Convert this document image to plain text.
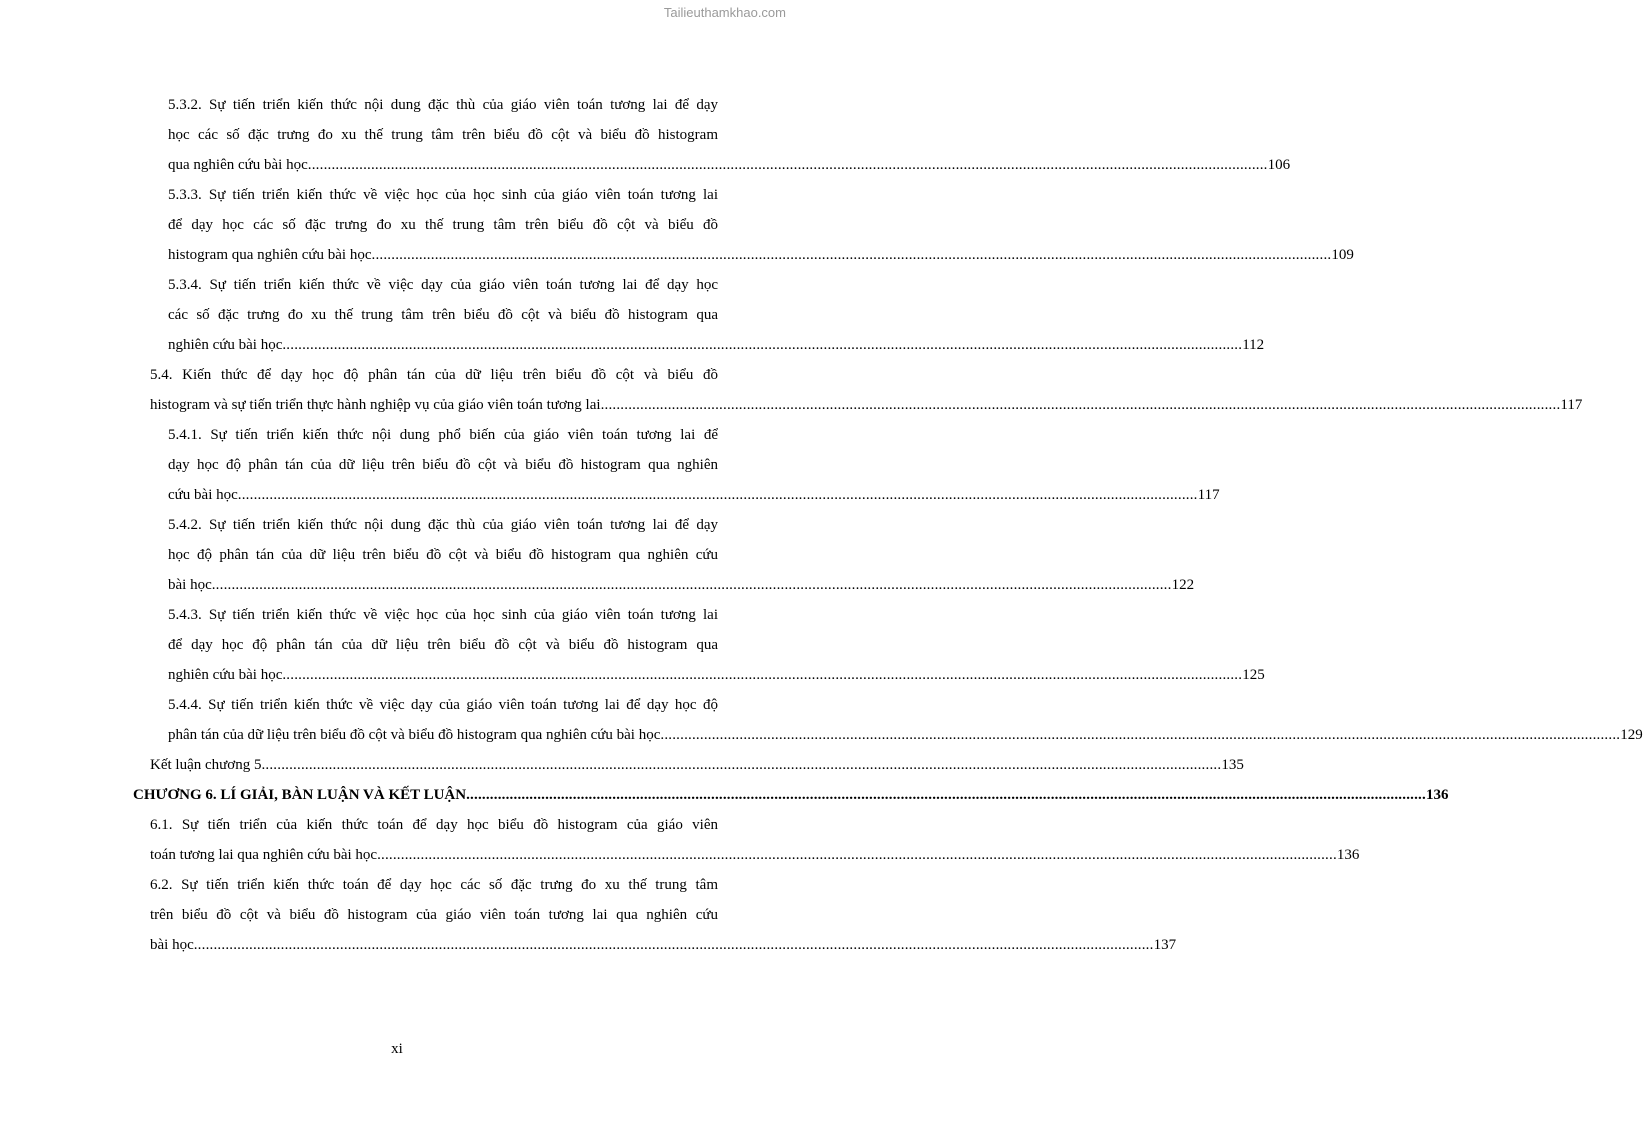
Tailieuthamkhao.com
5.3.2. Sự tiến triển kiến thức nội dung đặc thù của giáo viên toán tương lai để dạy
học các số đặc trưng đo xu thế trung tâm trên biểu đồ cột và biểu đồ histogram
qua nghiên cứu bài học ................................................................................................................................................................................................................................................... 106
5.3.3. Sự tiến triển kiến thức về việc học của học sinh của giáo viên toán tương lai
để dạy học các số đặc trưng đo xu thế trung tâm trên biểu đồ cột và biểu đồ
histogram qua nghiên cứu bài học ................................................................................................................................................................................................................................................... 109
5.3.4. Sự tiến triển kiến thức về việc dạy của giáo viên toán tương lai để dạy học
các số đặc trưng đo xu thế trung tâm trên biểu đồ cột và biểu đồ histogram qua
nghiên cứu bài học ................................................................................................................................................................................................................................................... 112
5.4. Kiến thức để dạy học độ phân tán của dữ liệu trên biểu đồ cột và biểu đồ
histogram và sự tiến triển thực hành nghiệp vụ của giáo viên toán tương lai ................................................................................................................................................................................................................................................... 117
5.4.1. Sự tiến triển kiến thức nội dung phổ biến của giáo viên toán tương lai để
dạy học độ phân tán của dữ liệu trên biểu đồ cột và biểu đồ histogram qua nghiên
cứu bài học ................................................................................................................................................................................................................................................... 117
5.4.2. Sự tiến triển kiến thức nội dung đặc thù của giáo viên toán tương lai để dạy
học độ phân tán của dữ liệu trên biểu đồ cột và biểu đồ histogram qua nghiên cứu
bài học ................................................................................................................................................................................................................................................... 122
5.4.3. Sự tiến triển kiến thức về việc học của học sinh của giáo viên toán tương lai
để dạy học độ phân tán của dữ liệu trên biểu đồ cột và biểu đồ histogram qua
nghiên cứu bài học ................................................................................................................................................................................................................................................... 125
5.4.4. Sự tiến triển kiến thức về việc dạy của giáo viên toán tương lai để dạy học độ
phân tán của dữ liệu trên biểu đồ cột và biểu đồ histogram qua nghiên cứu bài học ................................................................................................................................................................................................................................................... 129
Kết luận chương 5 ................................................................................................................................................................................................................................................... 135
CHƯƠNG 6. LÍ GIẢI, BÀN LUẬN VÀ KẾT LUẬN ................................................................................................................................................................................................................................................... 136
6.1. Sự tiến triển của kiến thức toán để dạy học biểu đồ histogram của giáo viên
toán tương lai qua nghiên cứu bài học ................................................................................................................................................................................................................................................... 136
6.2. Sự tiến triển kiến thức toán để dạy học các số đặc trưng đo xu thế trung tâm
trên biểu đồ cột và biểu đồ histogram của giáo viên toán tương lai qua nghiên cứu
bài học ................................................................................................................................................................................................................................................... 137
xi
